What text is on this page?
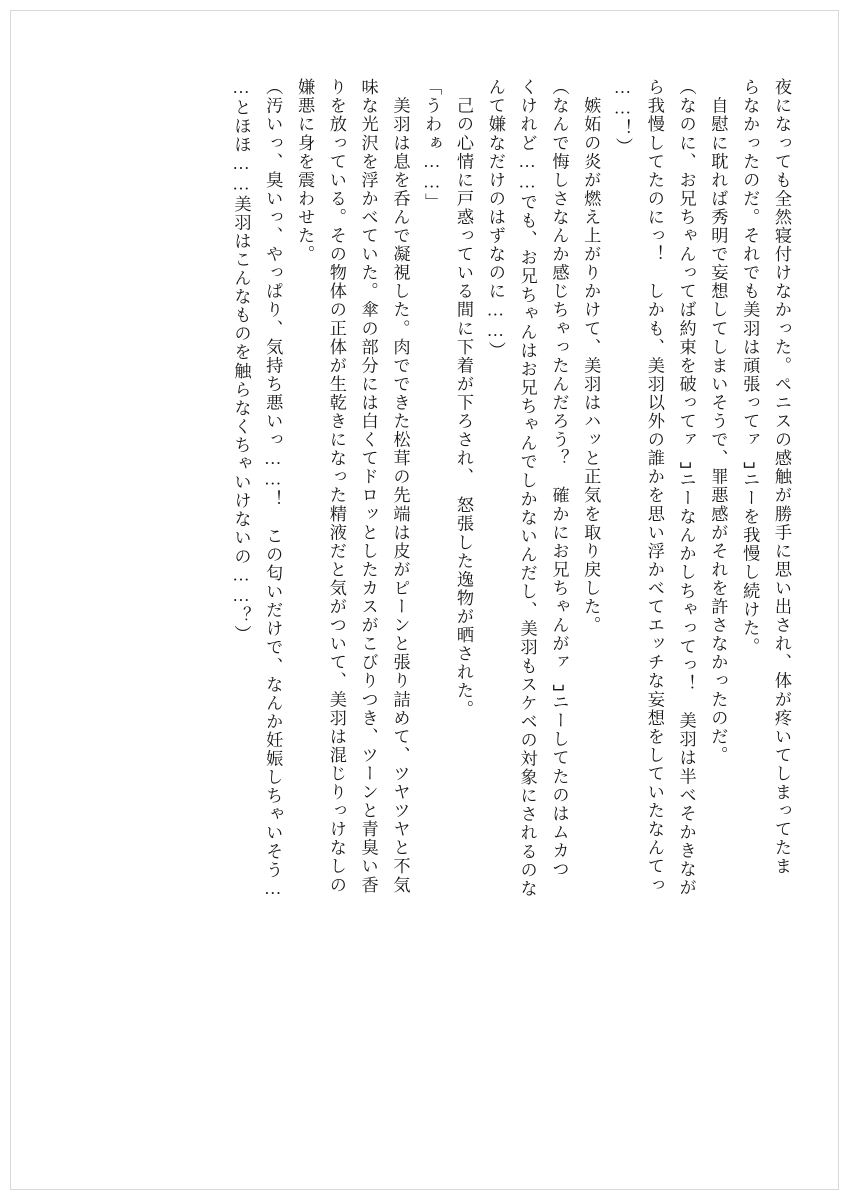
夜になっても全然寝付けなかった。ペニスの感触が勝手に思い出され、体が疼いてしまってたま
らなかったのだ。それでも美羽は頑張ってァ␣ニーを我慢し続けた。
　自慰に耽れば秀明で妄想してしまいそうで、罪悪感がそれを許さなかったのだ。
（なのに、お兄ちゃんってば約束を破ってァ␣ニーなんかしちゃってっ！　美羽は半べそかきなが
ら我慢してたのにっ！　しかも、美羽以外の誰かを思い浮かべてエッチな妄想をしていたなんてっ
……！）
　嫉妬の炎が燃え上がりかけて、美羽はハッと正気を取り戻した。
（なんで悔しさなんか感じちゃったんだろう？　確かにお兄ちゃんがァ␣ニーしてたのはムカつ
くけれど……でも、お兄ちゃんはお兄ちゃんでしかないんだし、美羽もスケベの対象にされるのな
んて嫌なだけのはずなのに……）
　己の心情に戸惑っている間に下着が下ろされ、　怒張した逸物が晒された。
「うわぁ……」
　美羽は息を呑んで凝視した。肉でできた松茸の先端は皮がピーンと張り詰めて、ツヤツヤと不気
味な光沢を浮かべていた。傘の部分には白くてドロッとしたカスがこびりつき、ツーンと青臭い香
りを放っている。その物体の正体が生乾きになった精液だと気がついて、美羽は混じりっけなしの
嫌悪に身を震わせた。
（汚いっ、臭いっ、やっぱり、気持ち悪いっ……！　この匂いだけで、なんか妊娠しちゃいそう…
…とほほ……美羽はこんなものを触らなくちゃいけないの……？）
